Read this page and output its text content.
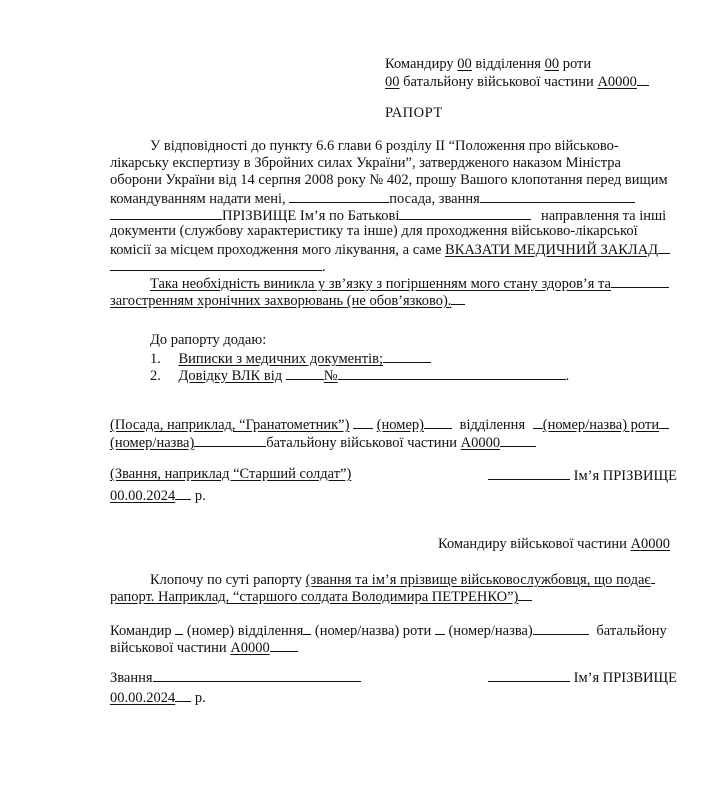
Командиру 00 відділення 00 роти
00 батальйону військової частини А0000
РАПОРТ
У відповідності до пункту 6.6 глави 6 розділу ІІ “Положення про військово-
лікарську експертизу в Збройних силах України”, затвердженого наказом Міністра
оборони України від 14 серпня 2008 року № 402, прошу Вашого клопотання перед вищим
командуванням надати мені,	посада, звання
ПРІЗВИЩЕ Ім’я по Батькові	направлення та інші
документи (службову характеристику та інше) для проходження військово-лікарської
комісії за місцем проходження мого лікування, а саме ВКАЗАТИ МЕДИЧНИЙ ЗАКЛАД
.
Така необхідність виникла у зв’язку з погіршенням мого стану здоров’я та
загостренням хронічних захворювань (не обов’язково).
До рапорту додаю:
1. Виписки з медичних документів;
2. Довідку ВЛК від	№	.
(Посада, наприклад, “Гранатометник”) (номер) відділення (номер/назва) роти
(номер/назва)	батальйону військової частини А0000
(Звання, наприклад “Старший солдат”)	Ім’я ПРІЗВИЩЕ
00.00.2024 р.
Командиру військової частини А0000
Клопочу по суті рапорту (звання та ім’я прізвище військовослужбовця, що подає
рапорт. Наприклад, “старшого солдата Володимира ПЕТРЕНКО”)
Командир (номер) відділення (номер/назва) роти (номер/назва)	батальйону
військової частини А0000
Звання	Ім’я ПРІЗВИЩЕ
00.00.2024 р.
